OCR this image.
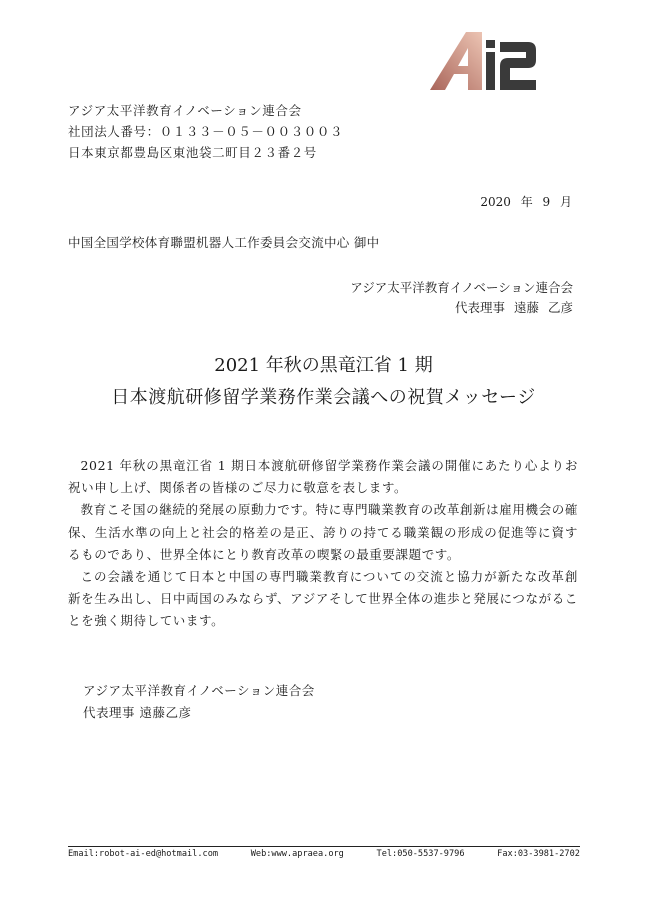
アジア太平洋教育イノベーション連合会
社団法人番号：０１３３－０５－００３００３
日本東京都豊島区東池袋二町目２３番２号
2020 年 9 月
中国全国学校体育聯盟机器人工作委員会交流中心 御中
アジア太平洋教育イノベーション連合会
代表理事 遠藤 乙彦
2021 年秋の黒竜江省 1 期
日本渡航研修留学業務作業会議への祝賀メッセージ

2021 年秋の黒竜江省 1 期日本渡航研修留学業務作業会議の開催にあたり心よりお祝い申し上げ、関係者の皆様のご尽力に敬意を表します。

教育こそ国の継続的発展の原動力です。特に専門職業教育の改革創新は雇用機会の確保、生活水準の向上と社会的格差の是正、誇りの持てる職業観の形成の促進等に資するものであり、世界全体にとり教育改革の喫緊の最重要課題です。

この会議を通じて日本と中国の専門職業教育についての交流と協力が新たな改革創新を生み出し、日中両国のみならず、アジアそして世界全体の進歩と発展につながることを強く期待しています。

アジア太平洋教育イノベーション連合会
代表理事 遠藤乙彦
Email:robot-ai-ed@hotmail.com	Web:www.apraea.org	Tel:050-5537-9796	Fax:03-3981-2702
